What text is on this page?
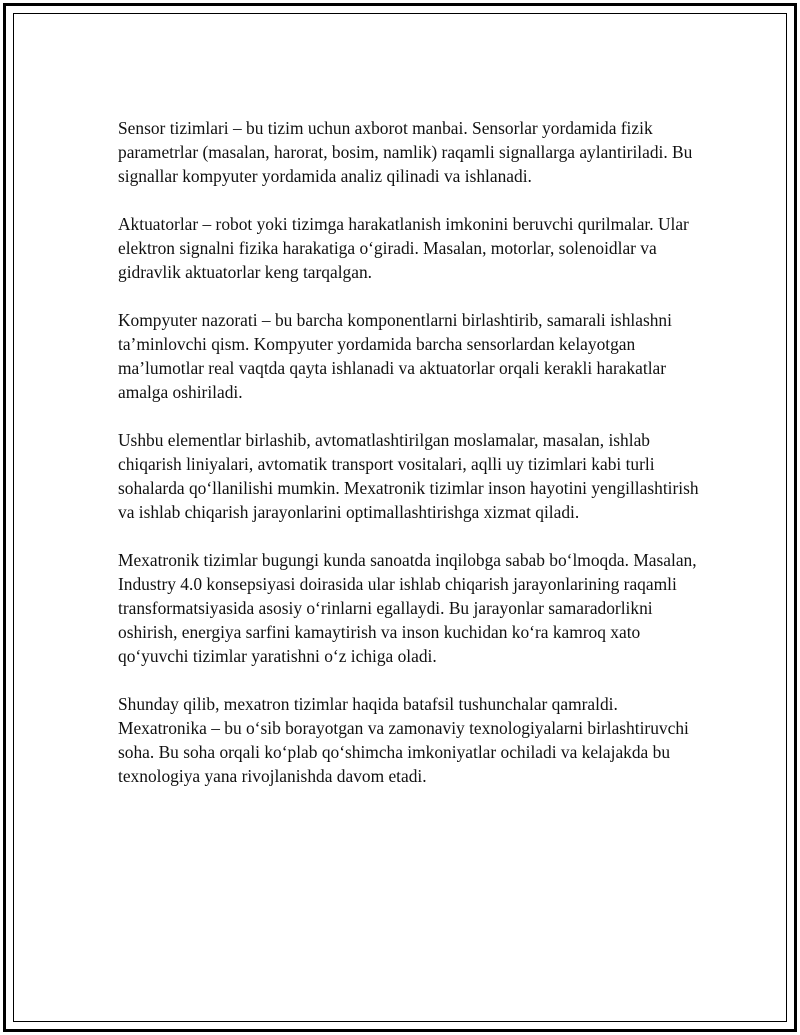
Sensor tizimlari – bu tizim uchun axborot manbai. Sensorlar yordamida fizik parametrlar (masalan, harorat, bosim, namlik) raqamli signallarga aylantiriladi. Bu signallar kompyuter yordamida analiz qilinadi va ishlanadi.

Aktuatorlar – robot yoki tizimga harakatlanish imkonini beruvchi qurilmalar. Ular elektron signalni fizika harakatiga oʻgiradi. Masalan, motorlar, solenoidlar va gidravlik aktuatorlar keng tarqalgan.

Kompyuter nazorati – bu barcha komponentlarni birlashtirib, samarali ishlashni taʼminlovchi qism. Kompyuter yordamida barcha sensorlardan kelayotgan maʼlumotlar real vaqtda qayta ishlanadi va aktuatorlar orqali kerakli harakatlar amalga oshiriladi.

Ushbu elementlar birlashib, avtomatlashtirilgan moslamalar, masalan, ishlab chiqarish liniyalari, avtomatik transport vositalari, aqlli uy tizimlari kabi turli sohalarda qoʻllanilishi mumkin. Mexatronik tizimlar inson hayotini yengillashtirish va ishlab chiqarish jarayonlarini optimallashtirishga xizmat qiladi.

Mexatronik tizimlar bugungi kunda sanoatda inqilobga sabab boʻlmoqda. Masalan, Industry 4.0 konsepsiyasi doirasida ular ishlab chiqarish jarayonlarining raqamli transformatsiyasida asosiy oʻrinlarni egallaydi. Bu jarayonlar samaradorlikni oshirish, energiya sarfini kamaytirish va inson kuchidan koʻra kamroq xato qoʻyuvchi tizimlar yaratishni oʻz ichiga oladi.

Shunday qilib, mexatron tizimlar haqida batafsil tushunchalar qamraldi. Mexatronika – bu oʻsib borayotgan va zamonaviy texnologiyalarni birlashtiruvchi soha. Bu soha orqali koʻplab qoʻshimcha imkoniyatlar ochiladi va kelajakda bu texnologiya yana rivojlanishda davom etadi.
